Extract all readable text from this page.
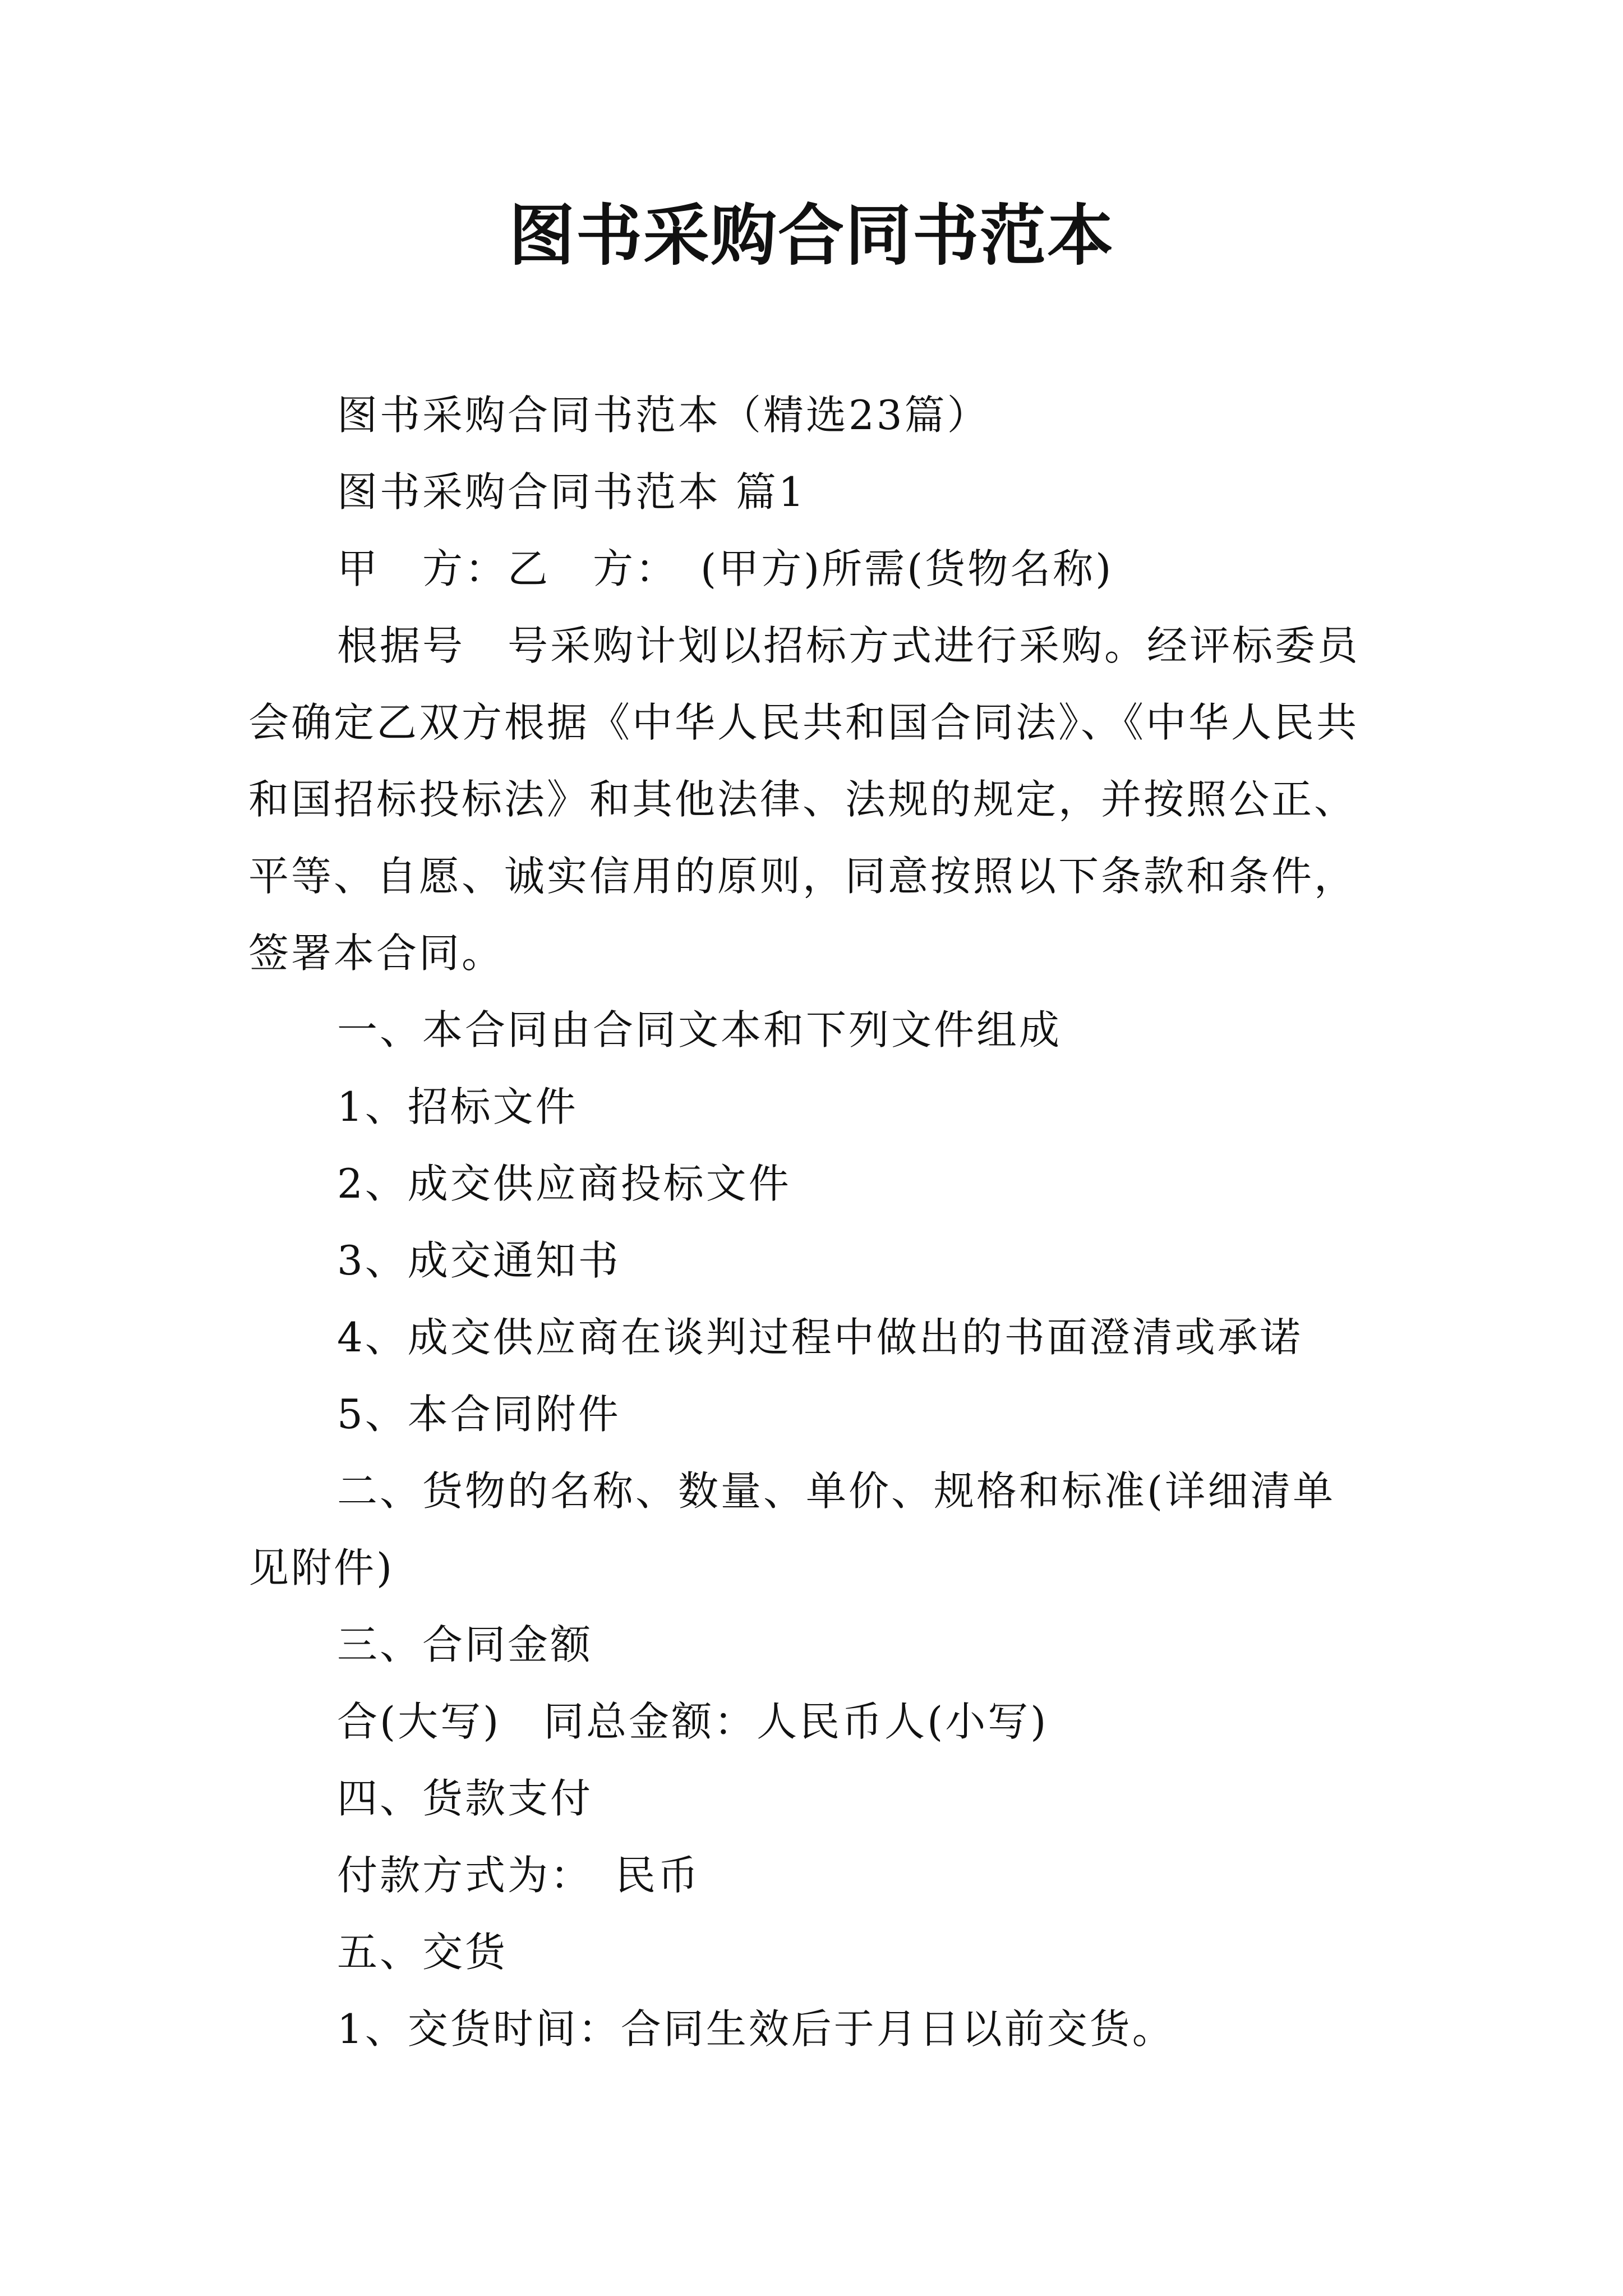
图书采购合同书范本

图书采购合同书范本（精选23篇）

图书采购合同书范本 篇1

甲　方：乙　方：　(甲方)所需(货物名称)

根据号　号采购计划以招标方式进行采购。经评标委员会确定乙双方根据《中华人民共和国合同法》、《中华人民共和国招标投标法》和其他法律、法规的规定，并按照公正、平等、自愿、诚实信用的原则，同意按照以下条款和条件，签署本合同。

一、本合同由合同文本和下列文件组成

1、招标文件

2、成交供应商投标文件

3、成交通知书

4、成交供应商在谈判过程中做出的书面澄清或承诺

5、本合同附件

二、货物的名称、数量、单价、规格和标准(详细清单见附件)

三、合同金额

合(大写)　同总金额：人民币人(小写)

四、货款支付

付款方式为：　民币

五、交货

1、交货时间：合同生效后于月日以前交货。
